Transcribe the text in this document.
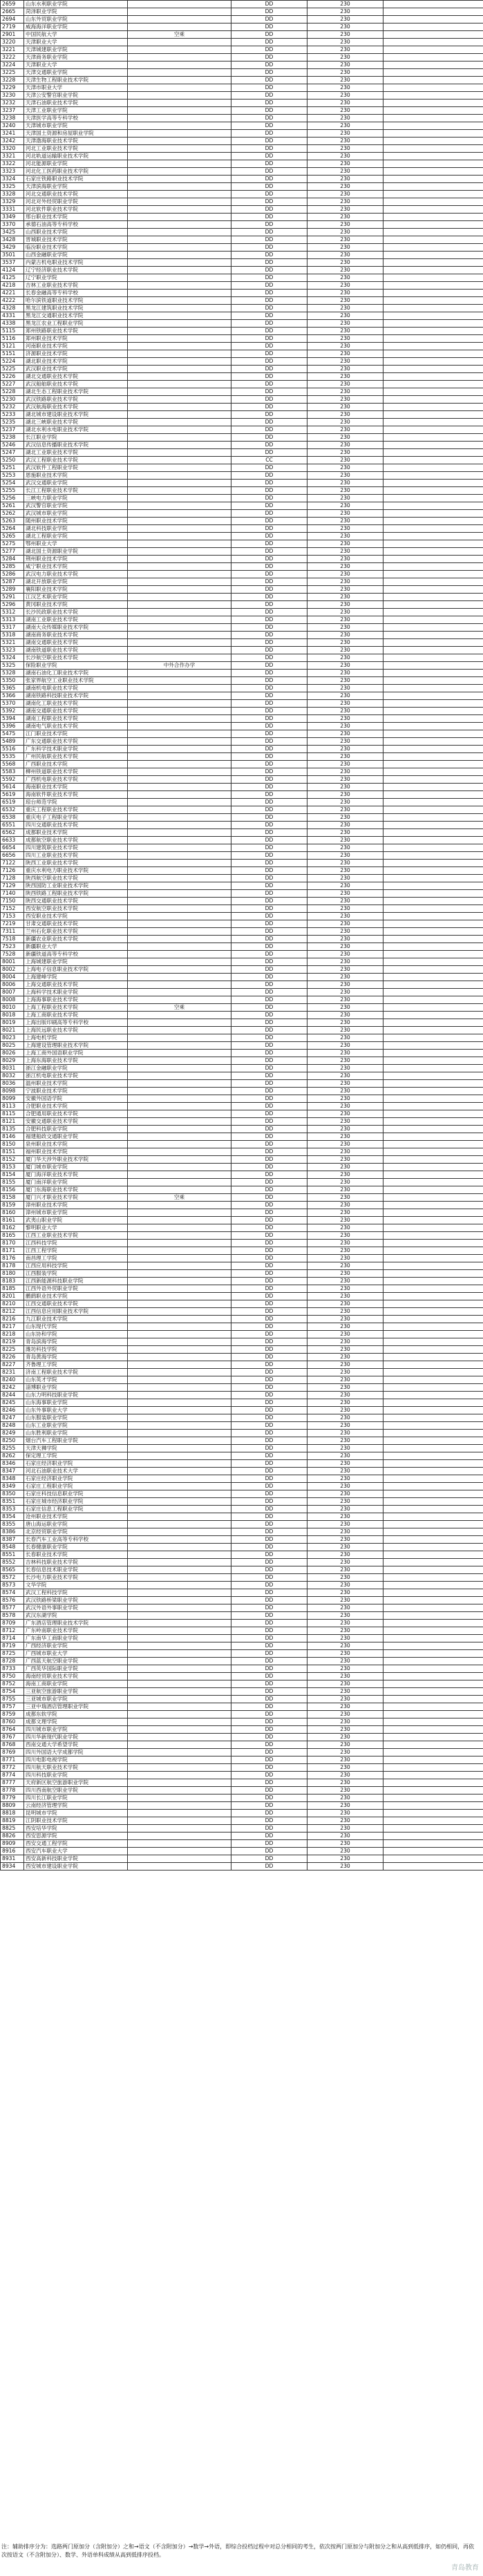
2659	山东水利职业学院		DD	230	
2665	菏泽职业学院		DD	230	
2694	山东外贸职业学院		DD	230	
2719	威海海洋职业学院		DD	230	
2901	中国民航大学	空乘	DD	230	
3220	天津职业大学		DD	230	
3221	天津城建职业学院		DD	230	
3222	天津商务职业学院		DD	230	
3224	天津职业大学		DD	230	
3225	天津交通职业学院		DD	230	
3228	天津生物工程职业技术学院		DD	230	
3229	天津市职业大学		DD	230	
3230	天津公安警官职业学院		DD	230	
3232	天津石油职业技术学院		DD	230	
3237	天津工业职业学院		DD	230	
3238	天津医学高等专科学校		DD	230	
3240	天津城市职业学院		DD	230	
3241	天津国土资源和房屋职业学院		DD	230	
3242	天津渤海职业技术学院		DD	230	
3320	河北工业职业技术学院		DD	230	
3321	河北轨道运输职业技术学院		DD	230	
3322	河北能源职业学院		DD	230	
3323	河北化工医药职业技术学院		DD	230	
3324	石家庄铁路职业技术学院		DD	230	
3325	天津滨海职业学院		DD	230	
3328	河北交通职业技术学院		DD	230	
3329	河北对外经贸职业学院		DD	230	
3331	河北软件职业技术学院		DD	230	
3349	邢台职业技术学院		DD	230	
3370	承德石油高等专科学校		DD	230	
3425	山西职业技术学院		DD	230	
3428	晋城职业技术学院		DD	230	
3429	临汾职业技术学院		DD	230	
3501	山西金融职业学院		DD	230	
3537	内蒙古机电职业技术学院		DD	230	
4124	辽宁经济职业技术学院		DD	230	
4125	辽宁职业学院		DD	230	
4218	吉林工业职业技术学院		DD	230	
4221	长春金融高等专科学校		DD	230	
4222	哈尔滨铁道职业技术学院		DD	230	
4328	黑龙江建筑职业技术学院		DD	230	
4331	黑龙江交通职业技术学院		DD	230	
4338	黑龙江农业工程职业学院		DD	230	
5115	郑州铁路职业技术学院		DD	230	
5116	郑州职业技术学院		DD	230	
5121	河南职业技术学院		DD	230	
5151	济源职业技术学院		DD	230	
5224	湖北职业技术学院		DD	230	
5225	武汉职业技术学院		DD	230	
5226	湖北交通职业技术学院		DD	230	
5227	武汉船舶职业技术学院		DD	230	
5228	湖北生态工程职业技术学院		DD	230	
5230	武汉铁路职业技术学院		DD	230	
5232	武汉航海职业技术学院		DD	230	
5233	湖北城市建设职业技术学院		DD	230	
5235	湖北三峡职业技术学院		DD	230	
5237	湖北水利水电职业技术学院		DD	230	
5238	长江职业学院		DD	230	
5246	武汉信息传播职业技术学院		DD	230	
5247	湖北工业职业技术学院		DD	230	
5250	武汉工程职业技术学院		CC	230	
5251	武汉软件工程职业学院		DD	230	
5253	恩施职业技术学院		DD	230	
5254	武汉交通职业学院		DD	230	
5255	长江工程职业技术学院		DD	230	
5256	三峡电力职业学院		DD	230	
5261	武汉警官职业学院		DD	230	
5262	武汉城市职业学院		DD	230	
5263	随州职业技术学院		DD	230	
5264	湖北科技职业学院		DD	230	
5265	湖北工程职业学院		DD	230	
5275	鄂州职业大学		DD	230	
5277	湖北国土资源职业学院		DD	230	
5284	荆州职业技术学院		DD	230	
5285	咸宁职业技术学院		DD	230	
5286	武汉电力职业技术学院		DD	230	
5287	湖北开放职业学院		DD	230	
5289	襄阳职业技术学院		DD	230	
5291	江汉艺术职业学院		DD	230	
5296	黄冈职业技术学院		DD	230	
5312	长沙民政职业技术学院		DD	230	
5313	湖南工业职业技术学院		DD	230	
5317	湖南大众传媒职业技术学院		DD	230	
5318	湖南商务职业技术学院		DD	230	
5321	湖南交通职业技术学院		DD	230	
5323	湖南铁道职业技术学院		DD	230	
5324	长沙航空职业技术学院		DD	230	
5325	保险职业学院	中外合作办学	DD	230	
5328	湖南石油化工职业技术学院		DD	230	
5350	张家界航空工业职业技术学院		DD	230	
5365	湖南机电职业技术学院		DD	230	
5366	湖南铁路科技职业技术学院		DD	230	
5370	湖南化工职业技术学院		DD	230	
5392	湖南交通职业技术学院		DD	230	
5394	湖南工程职业技术学院		DD	230	
5396	湖南电气职业技术学院		DD	230	
5475	江门职业技术学院		DD	230	
5489	广东交通职业技术学院		DD	230	
5516	广东科学技术职业学院		DD	230	
5535	广州民航职业技术学院		DD	230	
5568	广西职业技术学院		DD	230	
5583	柳州铁道职业技术学院		DD	230	
5592	广西机电职业技术学院		DD	230	
5614	海南职业技术学院		DD	230	
5619	海南软件职业技术学院		DD	230	
6519	琼台师范学院		DD	230	
6532	重庆工程职业技术学院		DD	230	
6538	重庆电子工程职业学院		DD	230	
6551	四川交通职业技术学院		DD	230	
6562	成都职业技术学院		DD	230	
6633	成都航空职业技术学院		DD	230	
6654	四川建筑职业技术学院		DD	230	
6656	四川工业职业技术学院		DD	230	
7122	陕西工业职业技术学院		DD	230	
7126	重庆水利电力职业技术学院		DD	230	
7128	陕西航空职业技术学院		DD	230	
7129	陕西国防工业职业技术学院		DD	230	
7140	陕西铁路工程职业技术学院		DD	230	
7150	陕西交通职业技术学院		DD	230	
7152	西安航空职业技术学院		DD	230	
7153	西安职业技术学院		DD	230	
7219	甘肃交通职业技术学院		DD	230	
7311	兰州石化职业技术学院		DD	230	
7518	新疆农业职业技术学院		DD	230	
7523	新疆职业大学		DD	230	
7528	新疆铁道高等专科学校		DD	230	
8001	上海城建职业学院		DD	230	
8002	上海电子信息职业技术学院		DD	230	
8004	上海建峰学院		DD	230	
8006	上海交通职业技术学院		DD	230	
8007	上海科学技术职业学院		DD	230	
8008	上海海事职业技术学院		DD	230	
8010	上海工程职业技术学院	空乘	DD	230	
8018	上海工商职业技术学院		DD	230	
8019	上海出版印刷高等专科学校		DD	230	
8021	上海民远职业技术学院		DD	230	
8023	上海电机学院		DD	230	
8025	上海建设管理职业技术学院		DD	230	
8026	上海工商外国语职业学院		DD	230	
8029	上海东海职业技术学院		DD	230	
8031	浙江金融职业学院		DD	230	
8032	浙江机电职业技术学院		DD	230	
8036	温州职业技术学院		DD	230	
8098	宁波职业技术学院		DD	230	
8099	安徽外国语学院		DD	230	
8113	合肥职业技术学院		DD	230	
8115	合肥通用职业技术学院		DD	230	
8121	安徽交通职业技术学院		DD	230	
8135	合肥科技职业学院		DD	230	
8146	福建船政交通职业学院		DD	230	
8150	泉州职业技术学院		DD	230	
8151	福州职业技术学院		DD	230	
8152	厦门华天涉外职业技术学院		DD	230	
8153	厦门城市职业学院		DD	230	
8154	厦门海洋职业技术学院		DD	230	
8155	厦门南洋职业学院		DD	230	
8156	厦门东海职业技术学院		DD	230	
8158	厦门兴才职业技术学院	空乘	DD	230	
8159	漳州职业技术学院		DD	230	
8160	漳州城市职业学院		DD	230	
8161	武夷山职业学院		DD	230	
8162	黎明职业大学		DD	230	
8165	江西工业职业技术学院		DD	230	
8170	江西科技学院		DD	230	
8171	江西工程学院		DD	230	
8176	南昌理工学院		DD	230	
8178	江西应用科技学院		DD	230	
8180	江西服装学院		DD	230	
8183	江西新能源科技职业学院		DD	230	
8185	江西外语外贸职业学院		DD	230	
8201	鹏鹞职业技术学院		DD	230	
8210	江西交通职业技术学院		DD	230	
8212	江西信息应用职业技术学院		DD	230	
8216	九江职业技术学院		DD	230	
8217	山东现代学院		DD	230	
8218	山东协和学院		DD	230	
8219	青岛滨海学院		DD	230	
8225	潍坊科技学院		DD	230	
8226	青岛黄海学院		DD	230	
8227	齐鲁理工学院		DD	230	
8231	济南工程职业技术学院		DD	230	
8240	山东英才学院		DD	230	
8242	淄博职业学院		DD	230	
8244	山东力明科技职业学院		DD	230	
8245	山东海事职业学院		DD	230	
8246	山东外事职业大学		DD	230	
8247	山东服装职业学院		DD	230	
8248	山东工业职业学院		DD	230	
8249	山东胜利职业学院		DD	230	
8250	烟台汽车工程职业学院		DD	230	
8255	天津天狮学院		DD	230	
8262	保定理工学院		DD	230	
8346	石家庄经济职业学院		DD	230	
8347	河北石油职业技术大学		DD	230	
8348	石家庄经济职业学院		DD	230	
8349	石家庄工程职业学院		DD	230	
8350	石家庄科技信息职业学院		DD	230	
8351	石家庄城市经济职业学院		DD	230	
8353	石家庄信息工程职业学院		DD	230	
8354	沧州职业技术学院		DD	230	
8355	唐山海运职业学院		DD	230	
8386	北京经贸职业学院		DD	230	
8387	长春汽车工业高等专科学校		DD	230	
8548	长春健康职业学院		DD	230	
8551	长春职业技术学院		DD	230	
8552	吉林科技职业技术学院		DD	230	
8565	长春信息技术职业学院		DD	230	
8572	长沙电力职业技术学院		DD	230	
8573	文华学院		DD	230	
8574	武汉工程科技学院		DD	230	
8576	武汉铁路桥梁职业学院		DD	230	
8577	武汉外语外事职业学院		DD	230	
8578	武汉东湖学院		DD	230	
8709	广东酒店管理职业技术学院		DD	230	
8712	广东岭南职业技术学院		DD	230	
8714	广东南华工商职业学院		DD	230	
8719	广西经济职业学院		DD	230	
8725	广西城市职业大学		DD	230	
8728	广西蓝天航空职业学院		DD	230	
8733	广西英华国际职业学院		DD	230	
8750	海南经贸职业技术学院		DD	230	
8752	海南工商职业学院		DD	230	
8754	三亚航空旅游职业学院		DD	230	
8755	三亚城市职业学院		DD	230	
8757	三亚中瑞酒店管理职业学院		DD	230	
8759	成都东软学院		DD	230	
8760	成都文理学院		DD	230	
8764	四川城市职业学院		DD	230	
8767	四川华新现代职业学院		DD	230	
8768	西南交通大学希望学院		DD	230	
8769	四川外国语大学成都学院		DD	230	
8771	四川电影电视学院		DD	230	
8772	四川航天职业技术学院		DD	230	
8774	四川科技职业学院		DD	230	
8777	天府新区航空旅游职业学院		DD	230	
8778	四川西南航空职业学院		DD	230	
8779	四川长江职业学院		DD	230	
8809	云南经济管理学院		DD	230	
8818	昆明城市学院		DD	230	
8819	江阴职业技术学院		DD	230	
8825	西安培华学院		DD	230	
8826	西安思源学院		DD	230	
8909	西安交通工程学院		DD	230	
8916	西安汽车职业大学		DD	230	
8931	西安高新科技职业学院		DD	230	
8934	西安城市建设职业学院		DD	230	

注：辅助排序分为：选路两门原加分（含附加分）之和→语文（不含附加分）→数学→外语，即综合投档过程中对总分相同的考生，依次按两门原加分与附加分之和从高到低排序，如仍相同，再依次按语文（不含附加分）、数学、外语单科成绩从高到低排序投档。

青岛教育
